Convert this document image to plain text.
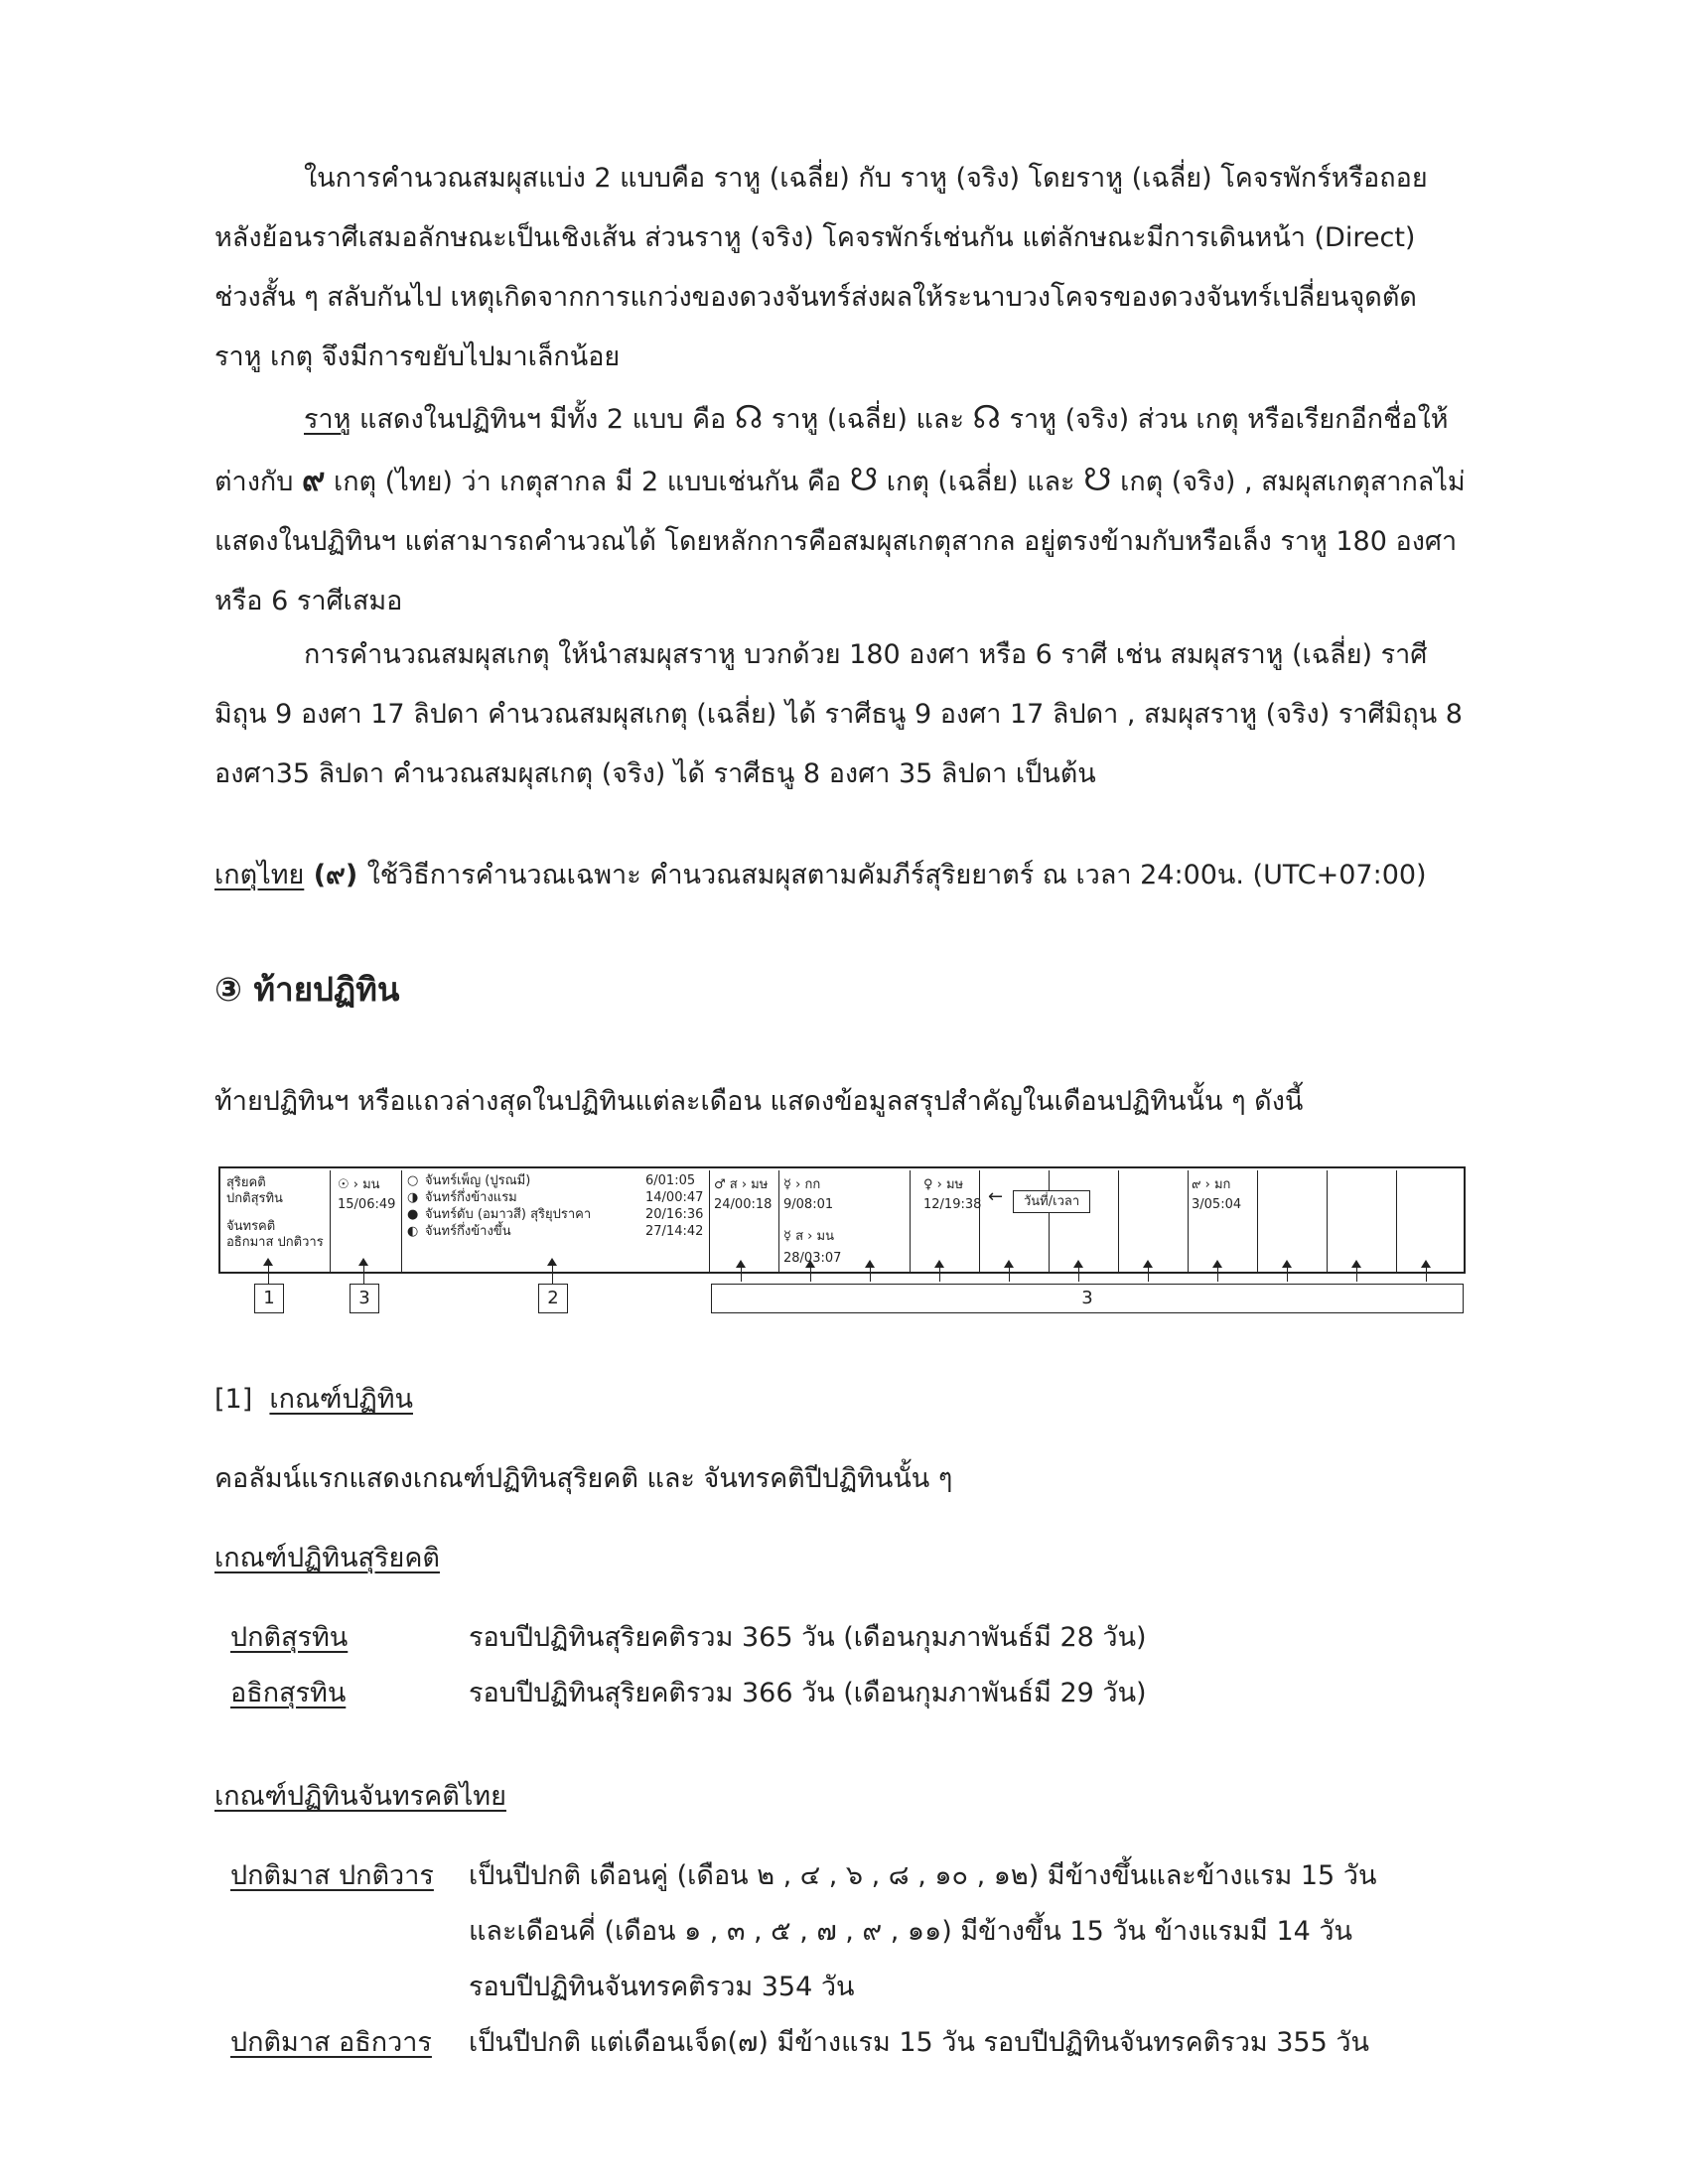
ในการคำนวณสมผุสแบ่ง 2 แบบคือ ราหู (เฉลี่ย) กับ ราหู (จริง) โดยราหู (เฉลี่ย) โคจรพักร์หรือถอยหลังย้อนราศีเสมอลักษณะเป็นเชิงเส้น ส่วนราหู (จริง) โคจรพักร์เช่นกัน แต่ลักษณะมีการเดินหน้า (Direct) ช่วงสั้น ๆ สลับกันไป เหตุเกิดจากการแกว่งของดวงจันทร์ส่งผลให้ระนาบวงโคจรของดวงจันทร์เปลี่ยนจุดตัด ราหู เกตุ จึงมีการขยับไปมาเล็กน้อย

ราหู แสดงในปฏิทินฯ มีทั้ง 2 แบบ คือ ☊ ราหู (เฉลี่ย) และ ☊ ราหู (จริง) ส่วน เกตุ หรือเรียกอีกชื่อให้ต่างกับ ๙ เกตุ (ไทย) ว่า เกตุสากล มี 2 แบบเช่นกัน คือ ☋ เกตุ (เฉลี่ย) และ ☋ เกตุ (จริง) , สมผุสเกตุสากลไม่แสดงในปฏิทินฯ แต่สามารถคำนวณได้ โดยหลักการคือสมผุสเกตุสากล อยู่ตรงข้ามกับหรือเล็ง ราหู 180 องศา หรือ 6 ราศีเสมอ

การคำนวณสมผุสเกตุ ให้นำสมผุสราหู บวกด้วย 180 องศา หรือ 6 ราศี เช่น สมผุสราหู (เฉลี่ย) ราศีมิถุน 9 องศา 17 ลิปดา คำนวณสมผุสเกตุ (เฉลี่ย) ได้ ราศีธนู 9 องศา 17 ลิปดา , สมผุสราหู (จริง) ราศีมิถุน 8 องศา35 ลิปดา คำนวณสมผุสเกตุ (จริง) ได้ ราศีธนู 8 องศา 35 ลิปดา เป็นต้น

เกตุไทย (๙) ใช้วิธีการคำนวณเฉพาะ คำนวณสมผุสตามคัมภีร์สุริยยาตร์ ณ เวลา 24:00น. (UTC+07:00)
③ ท้ายปฏิทิน
ท้ายปฏิทินฯ หรือแถวล่างสุดในปฏิทินแต่ละเดือน แสดงข้อมูลสรุปสำคัญในเดือนปฏิทินนั้น ๆ ดังนี้
สุริยคติ
ปกติสุรทิน
จันทรคติ
อธิกมาส ปกติวาร
☉ › มน
15/06:49
○ จันทร์เพ็ญ (ปูรณมี)	6/01:05
◑ จันทร์กึ่งข้างแรม	14/00:47
● จันทร์ดับ (อมาวสี) สุริยุปราคา	20/16:36
◐ จันทร์กึ่งข้างขึ้น	27/14:42
♂ ส › มษ
24/00:18
☿ › กก
9/08:01
☿ ส › มน
28/03:07
♀ › มษ
12/19:38 ←	วันที่/เวลา
๙ › มก
3/05:04
1	3	2	3
[1] เกณฑ์ปฏิทิน
คอลัมน์แรกแสดงเกณฑ์ปฏิทินสุริยคติ และ จันทรคติปีปฏิทินนั้น ๆ
เกณฑ์ปฏิทินสุริยคติ
ปกติสุรทิน	รอบปีปฏิทินสุริยคติรวม 365 วัน (เดือนกุมภาพันธ์มี 28 วัน)
อธิกสุรทิน	รอบปีปฏิทินสุริยคติรวม 366 วัน (เดือนกุมภาพันธ์มี 29 วัน)
เกณฑ์ปฏิทินจันทรคติไทย
ปกติมาส ปกติวาร เป็นปีปกติ เดือนคู่ (เดือน ๒ , ๔ , ๖ , ๘ , ๑๐ , ๑๒) มีข้างขึ้นและข้างแรม 15 วัน
และเดือนคี่ (เดือน ๑ , ๓ , ๕ , ๗ , ๙ , ๑๑) มีข้างขึ้น 15 วัน ข้างแรมมี 14 วัน
รอบปีปฏิทินจันทรคติรวม 354 วัน
ปกติมาส อธิกวาร เป็นปีปกติ แต่เดือนเจ็ด(๗) มีข้างแรม 15 วัน รอบปีปฏิทินจันทรคติรวม 355 วัน
